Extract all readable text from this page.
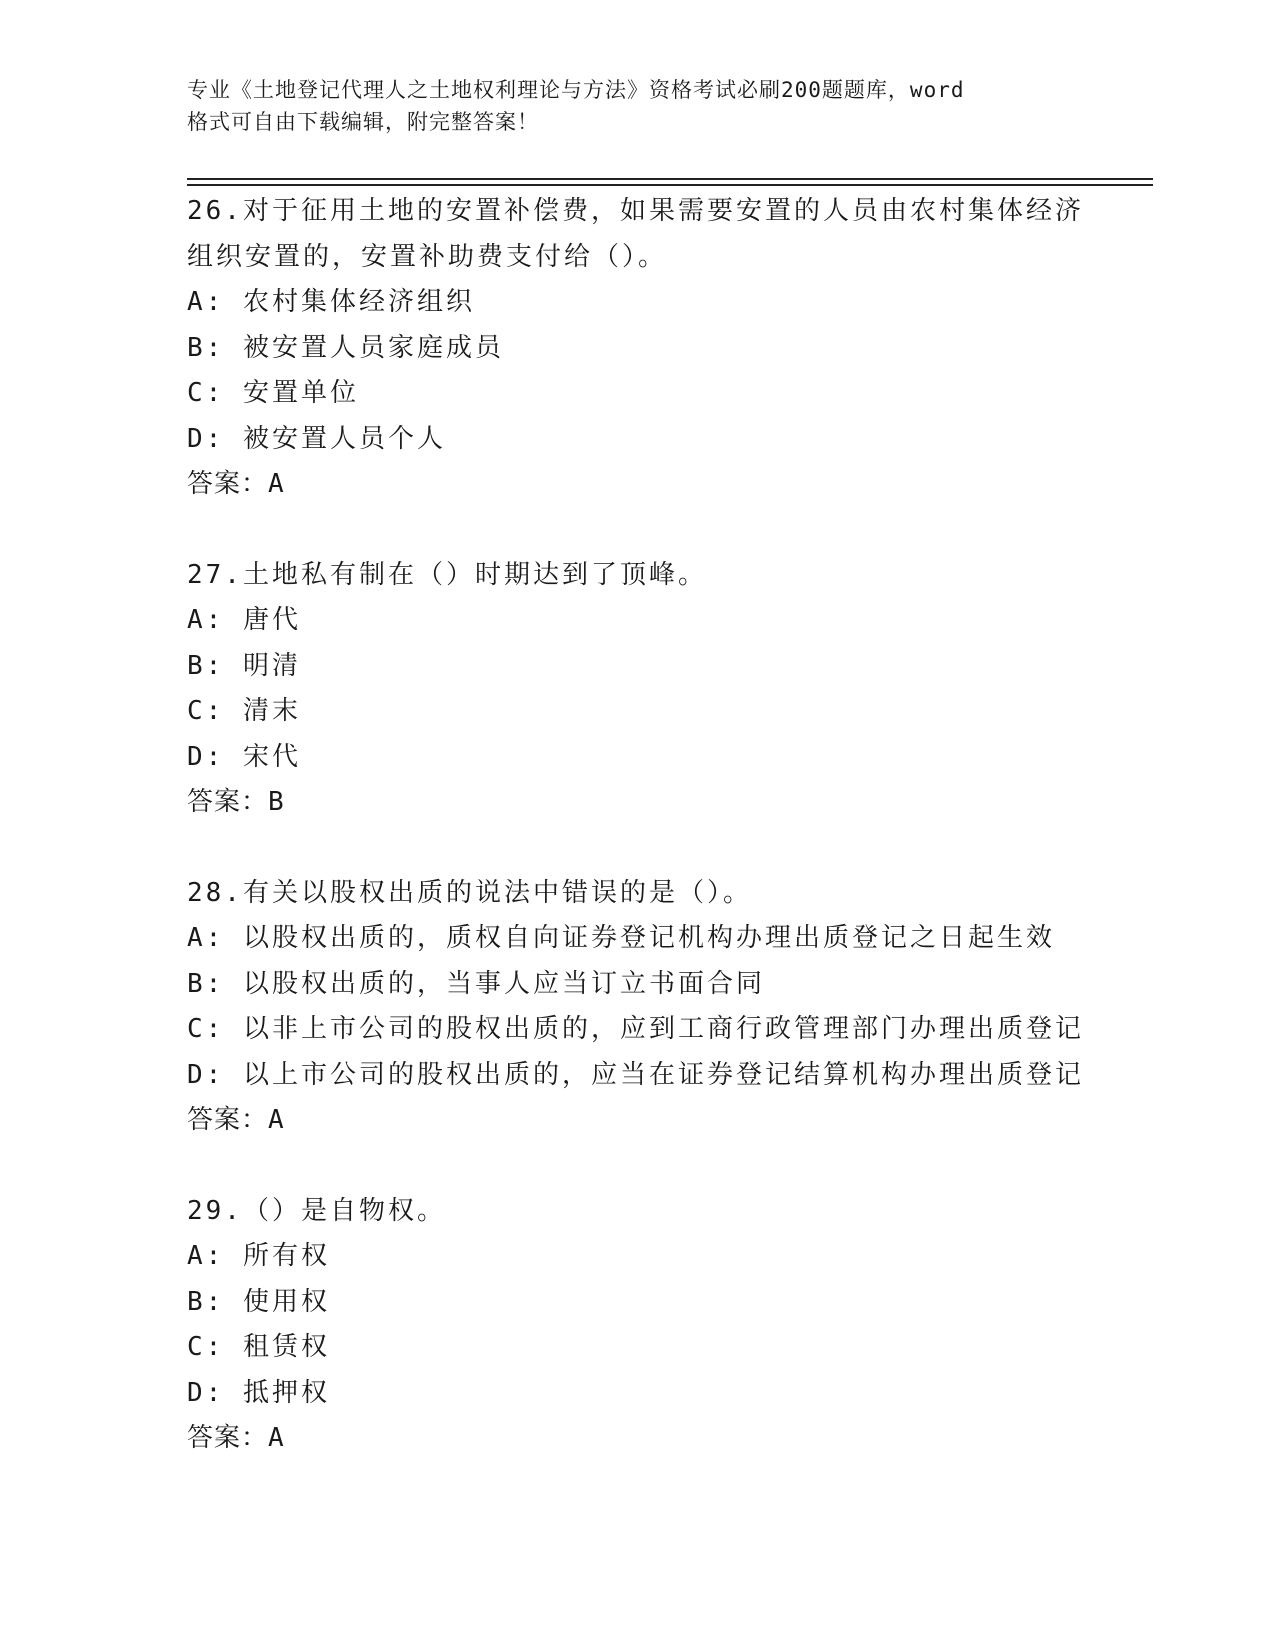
专业《土地登记代理人之土地权利理论与方法》资格考试必刷200题题库，word
格式可自由下载编辑，附完整答案！
26.对于征用土地的安置补偿费，如果需要安置的人员由农村集体经济
组织安置的，安置补助费支付给（）。
A: 农村集体经济组织
B: 被安置人员家庭成员
C: 安置单位
D: 被安置人员个人
答案：A
27.土地私有制在（）时期达到了顶峰。
A: 唐代
B: 明清
C: 清末
D: 宋代
答案：B
28.有关以股权出质的说法中错误的是（）。
A: 以股权出质的，质权自向证券登记机构办理出质登记之日起生效
B: 以股权出质的，当事人应当订立书面合同
C: 以非上市公司的股权出质的，应到工商行政管理部门办理出质登记
D: 以上市公司的股权出质的，应当在证券登记结算机构办理出质登记
答案：A
29.（）是自物权。
A: 所有权
B: 使用权
C: 租赁权
D: 抵押权
答案：A
